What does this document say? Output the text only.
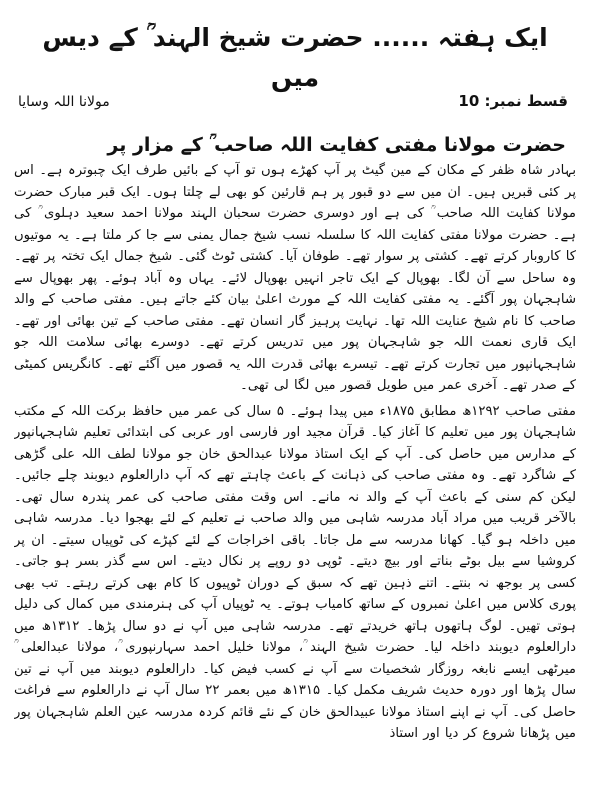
ایک ہفتہ ...... حضرت شیخ الہند ؒ کے دیس میں
قسط نمبر: 10
مولانا اللہ وسایا
حضرت مولانا مفتی کفایت اللہ صاحب ؒ کے مزار پر

بہادر شاہ ظفر کے مکان کے مین گیٹ پر آپ کھڑے ہوں تو آپ کے بائیں طرف ایک چبوترہ ہے۔ اس پر کئی قبریں ہیں۔ ان میں سے دو قبور پر ہم قارئین کو بھی لے چلتا ہوں۔ ایک قبر مبارک حضرت مولانا کفایت اللہ صاحب ؒ کی ہے اور دوسری حضرت سحبان الہند مولانا احمد سعید دہلوی ؒ کی ہے۔ حضرت مولانا مفتی کفایت اللہ کا سلسلہ نسب شیخ جمال یمنی سے جا کر ملتا ہے۔ یہ موتیوں کا کاروبار کرتے تھے۔ کشتی پر سوار تھے۔ طوفان آیا۔ کشتی ٹوٹ گئی۔ شیخ جمال ایک تختہ پر تھے۔ وہ ساحل سے آن لگا۔ بھوپال کے ایک تاجر انہیں بھوپال لائے۔ یہاں وہ آباد ہوئے۔ پھر بھوپال سے شاہجہان پور آگئے۔ یہ مفتی کفایت اللہ کے مورث اعلیٰ بیان کئے جاتے ہیں۔ مفتی صاحب کے والد صاحب کا نام شیخ عنایت اللہ تھا۔ نہایت پرہیز گار انسان تھے۔ مفتی صاحب کے تین بھائی اور تھے۔ ایک قاری نعمت اللہ جو شاہجہان پور میں تدریس کرتے تھے۔ دوسرے بھائی سلامت اللہ جو شاہجہانپور میں تجارت کرتے تھے۔ تیسرے بھائی قدرت اللہ یہ قصور میں آگئے تھے۔ کانگریس کمیٹی کے صدر تھے۔ آخری عمر میں طویل قصور میں لگا لی تھی۔

مفتی صاحب ۱۲۹۲ھ مطابق ۱۸۷۵ء میں پیدا ہوئے۔ ۵ سال کی عمر میں حافظ برکت اللہ کے مکتب شاہجہان پور میں تعلیم کا آغاز کیا۔ قرآن مجید اور فارسی اور عربی کی ابتدائی تعلیم شاہجہانپور کے مدارس میں حاصل کی۔ آپ کے ایک استاذ مولانا عبدالحق خان جو مولانا لطف اللہ علی گڑھی کے شاگرد تھے۔ وہ مفتی صاحب کی ذہانت کے باعث چاہتے تھے کہ آپ دارالعلوم دیوبند چلے جائیں۔ لیکن کم سنی کے باعث آپ کے والد نہ مانے۔ اس وقت مفتی صاحب کی عمر پندرہ سال تھی۔ بالآخر قریب میں مراد آباد مدرسہ شاہی میں والد صاحب نے تعلیم کے لئے بھجوا دیا۔ مدرسہ شاہی میں داخلہ ہو گیا۔ کھانا مدرسہ سے مل جاتا۔ باقی اخراجات کے لئے کپڑے کی ٹوپیاں سیتے۔ ان پر کروشیا سے بیل بوٹے بناتے اور بیچ دیتے۔ ٹوپی دو روپے پر نکال دیتے۔ اس سے گذر بسر ہو جاتی۔ کسی پر بوجھ نہ بنتے۔ اتنے ذہین تھے کہ سبق کے دوران ٹوپیوں کا کام بھی کرتے رہتے۔ تب بھی پوری کلاس میں اعلیٰ نمبروں کے ساتھ کامیاب ہوتے۔ یہ ٹوپیاں آپ کی ہنرمندی میں کمال کی دلیل ہوتی تھیں۔ لوگ ہاتھوں ہاتھ خریدتے تھے۔ مدرسہ شاہی میں آپ نے دو سال پڑھا۔ ۱۳۱۲ھ میں دارالعلوم دیوبند داخلہ لیا۔ حضرت شیخ الہند ؒ، مولانا خلیل احمد سہارنپوری ؒ، مولانا عبدالعلی ؒ میرٹھی ایسے نابغہ روزگار شخصیات سے آپ نے کسب فیض کیا۔ دارالعلوم دیوبند میں آپ نے تین سال پڑھا اور دورہ حدیث شریف مکمل کیا۔ ۱۳۱۵ھ میں بعمر ۲۲ سال آپ نے دارالعلوم سے فراغت حاصل کی۔ آپ نے اپنے استاذ مولانا عبیدالحق خان کے نئے قائم کردہ مدرسہ عین العلم شاہجہان پور میں پڑھانا شروع کر دیا اور استاذ
